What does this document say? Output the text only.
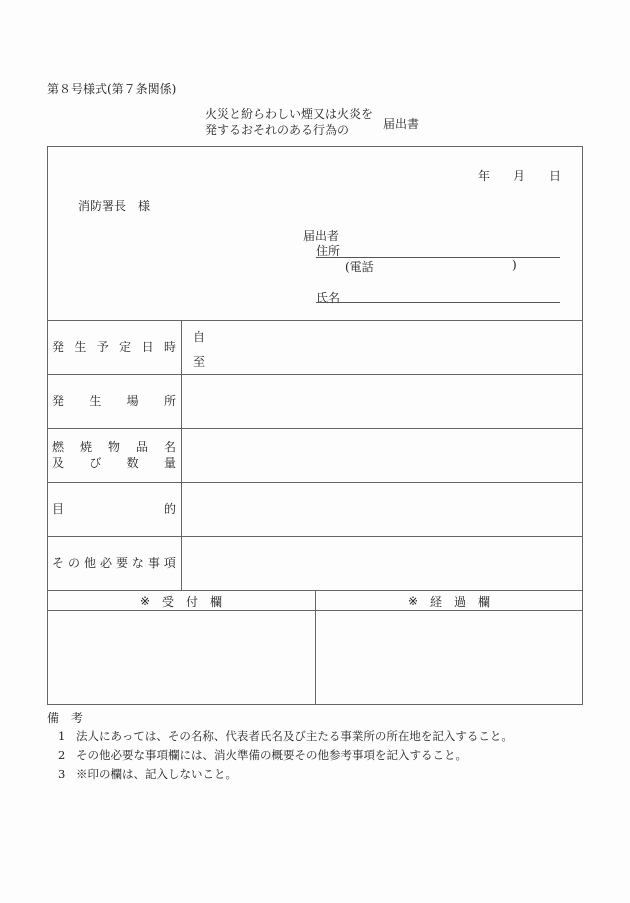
第８号様式(第７条関係)
火災と紛らわしい煙又は火炎を
発するおそれのある行為の	届出書
年 月 日
消防署長　様
届出者
住所
(電話	)
氏名
発 生 予 定 日 時
自
至
発 生 場 所
燃 焼 物 品 名
及 び 数 量
目	的
そ の 他 必 要 な 事 項
※ 受 付 欄	※ 経 過 欄
備　考
1 法人にあっては、その名称、代表者氏名及び主たる事業所の所在地を記入すること。
2 その他必要な事項欄には、消火準備の概要その他参考事項を記入すること。
3 ※印の欄は、記入しないこと。
